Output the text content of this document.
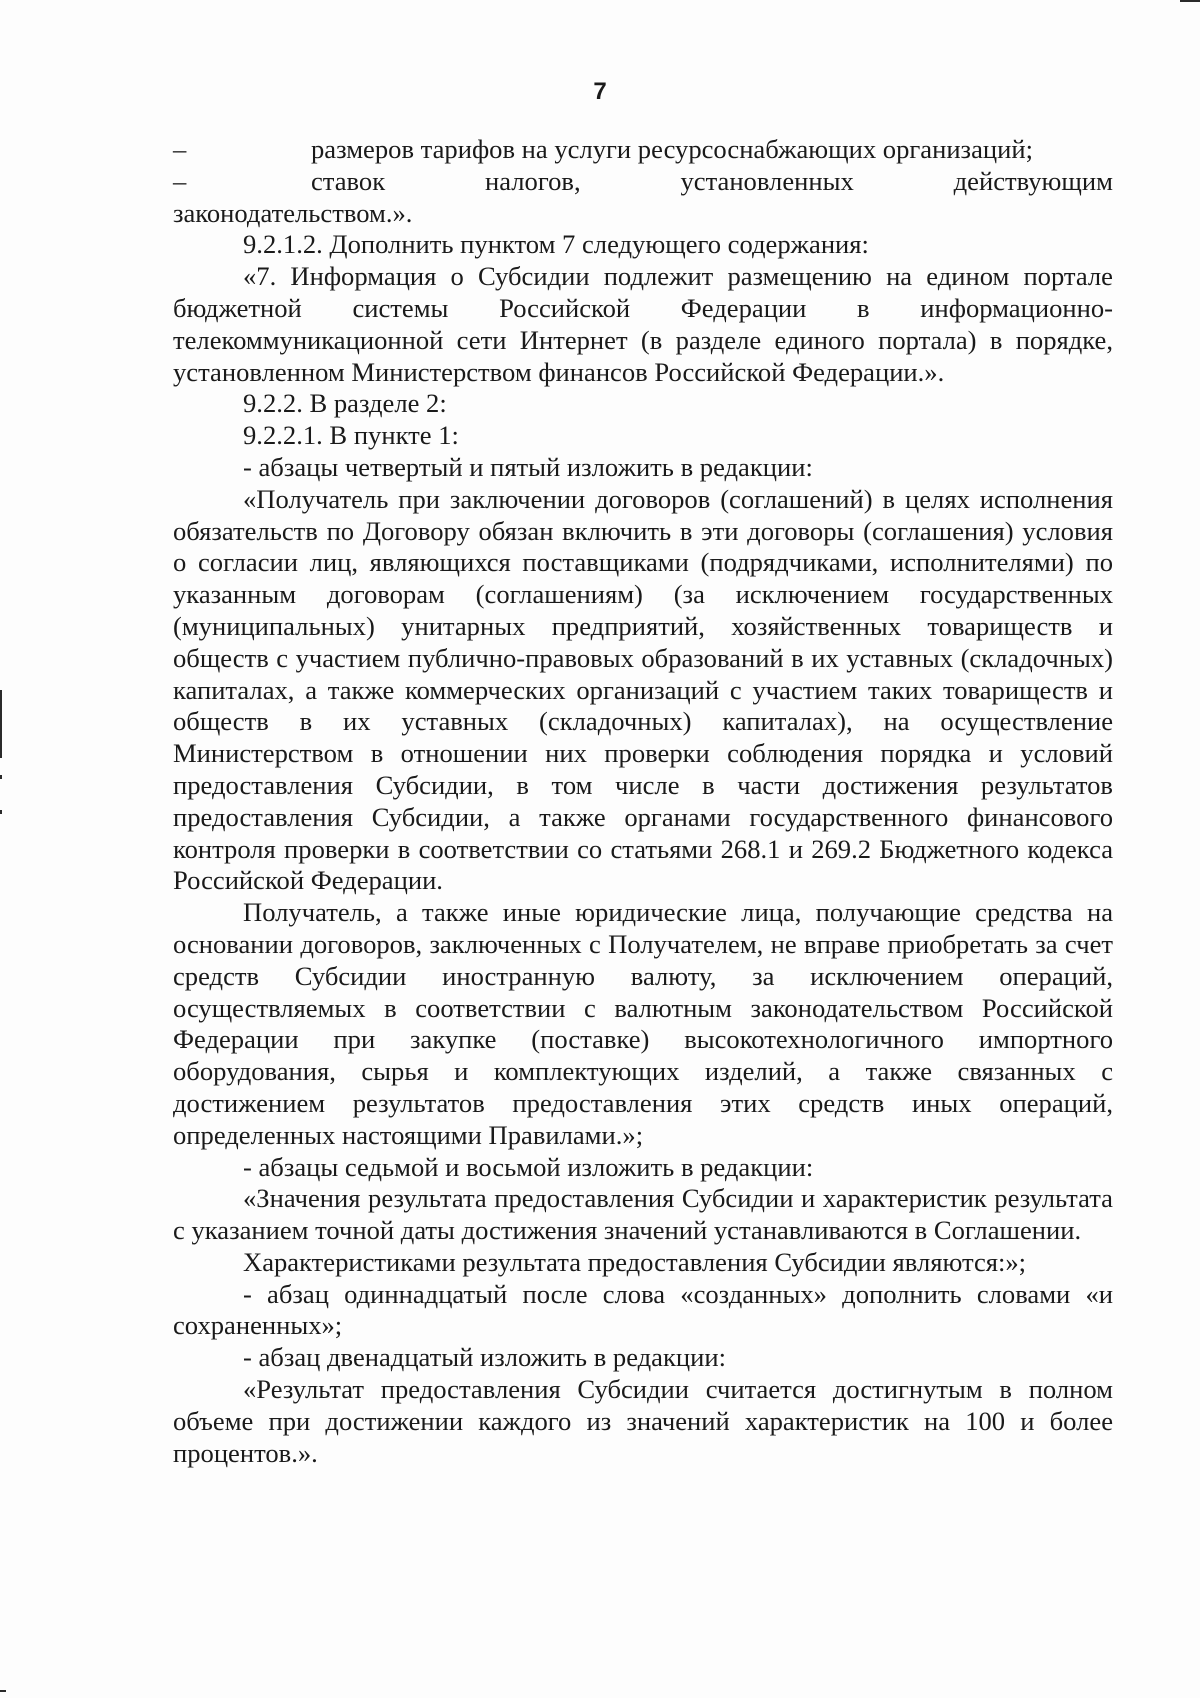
7

–	размеров тарифов на услуги ресурсоснабжающих организаций;

–	ставок	налогов,	установленных	действующим

законодательством.».

9.2.1.2. Дополнить пунктом 7 следующего содержания:

«7. Информация о Субсидии подлежит размещению на едином портале бюджетной системы Российской Федерации в информационно-телекоммуникационной сети Интернет (в разделе единого портала) в порядке, установленном Министерством финансов Российской Федерации.».

9.2.2. В разделе 2:

9.2.2.1. В пункте 1:

- абзацы четвертый и пятый изложить в редакции:

«Получатель при заключении договоров (соглашений) в целях исполнения обязательств по Договору обязан включить в эти договоры (соглашения) условия о согласии лиц, являющихся поставщиками (подрядчиками, исполнителями) по указанным договорам (соглашениям) (за исключением государственных (муниципальных) унитарных предприятий, хозяйственных товариществ и обществ с участием публично-правовых образований в их уставных (складочных) капиталах, а также коммерческих организаций с участием таких товариществ и обществ в их уставных (складочных) капиталах), на осуществление Министерством в отношении них проверки соблюдения порядка и условий предоставления Субсидии, в том числе в части достижения результатов предоставления Субсидии, а также органами государственного финансового контроля проверки в соответствии со статьями 268.1 и 269.2 Бюджетного кодекса Российской Федерации.

Получатель, а также иные юридические лица, получающие средства на основании договоров, заключенных с Получателем, не вправе приобретать за счет средств Субсидии иностранную валюту, за исключением операций, осуществляемых в соответствии с валютным законодательством Российской Федерации при закупке (поставке) высокотехнологичного импортного оборудования, сырья и комплектующих изделий, а также связанных с достижением результатов предоставления этих средств иных операций, определенных настоящими Правилами.»;

- абзацы седьмой и восьмой изложить в редакции:

«Значения результата предоставления Субсидии и характеристик результата с указанием точной даты достижения значений устанавливаются в Соглашении.

Характеристиками результата предоставления Субсидии являются:»;

- абзац одиннадцатый после слова «созданных» дополнить словами «и сохраненных»;

- абзац двенадцатый изложить в редакции:

«Результат предоставления Субсидии считается достигнутым в полном объеме при достижении каждого из значений характеристик на 100 и более процентов.».
